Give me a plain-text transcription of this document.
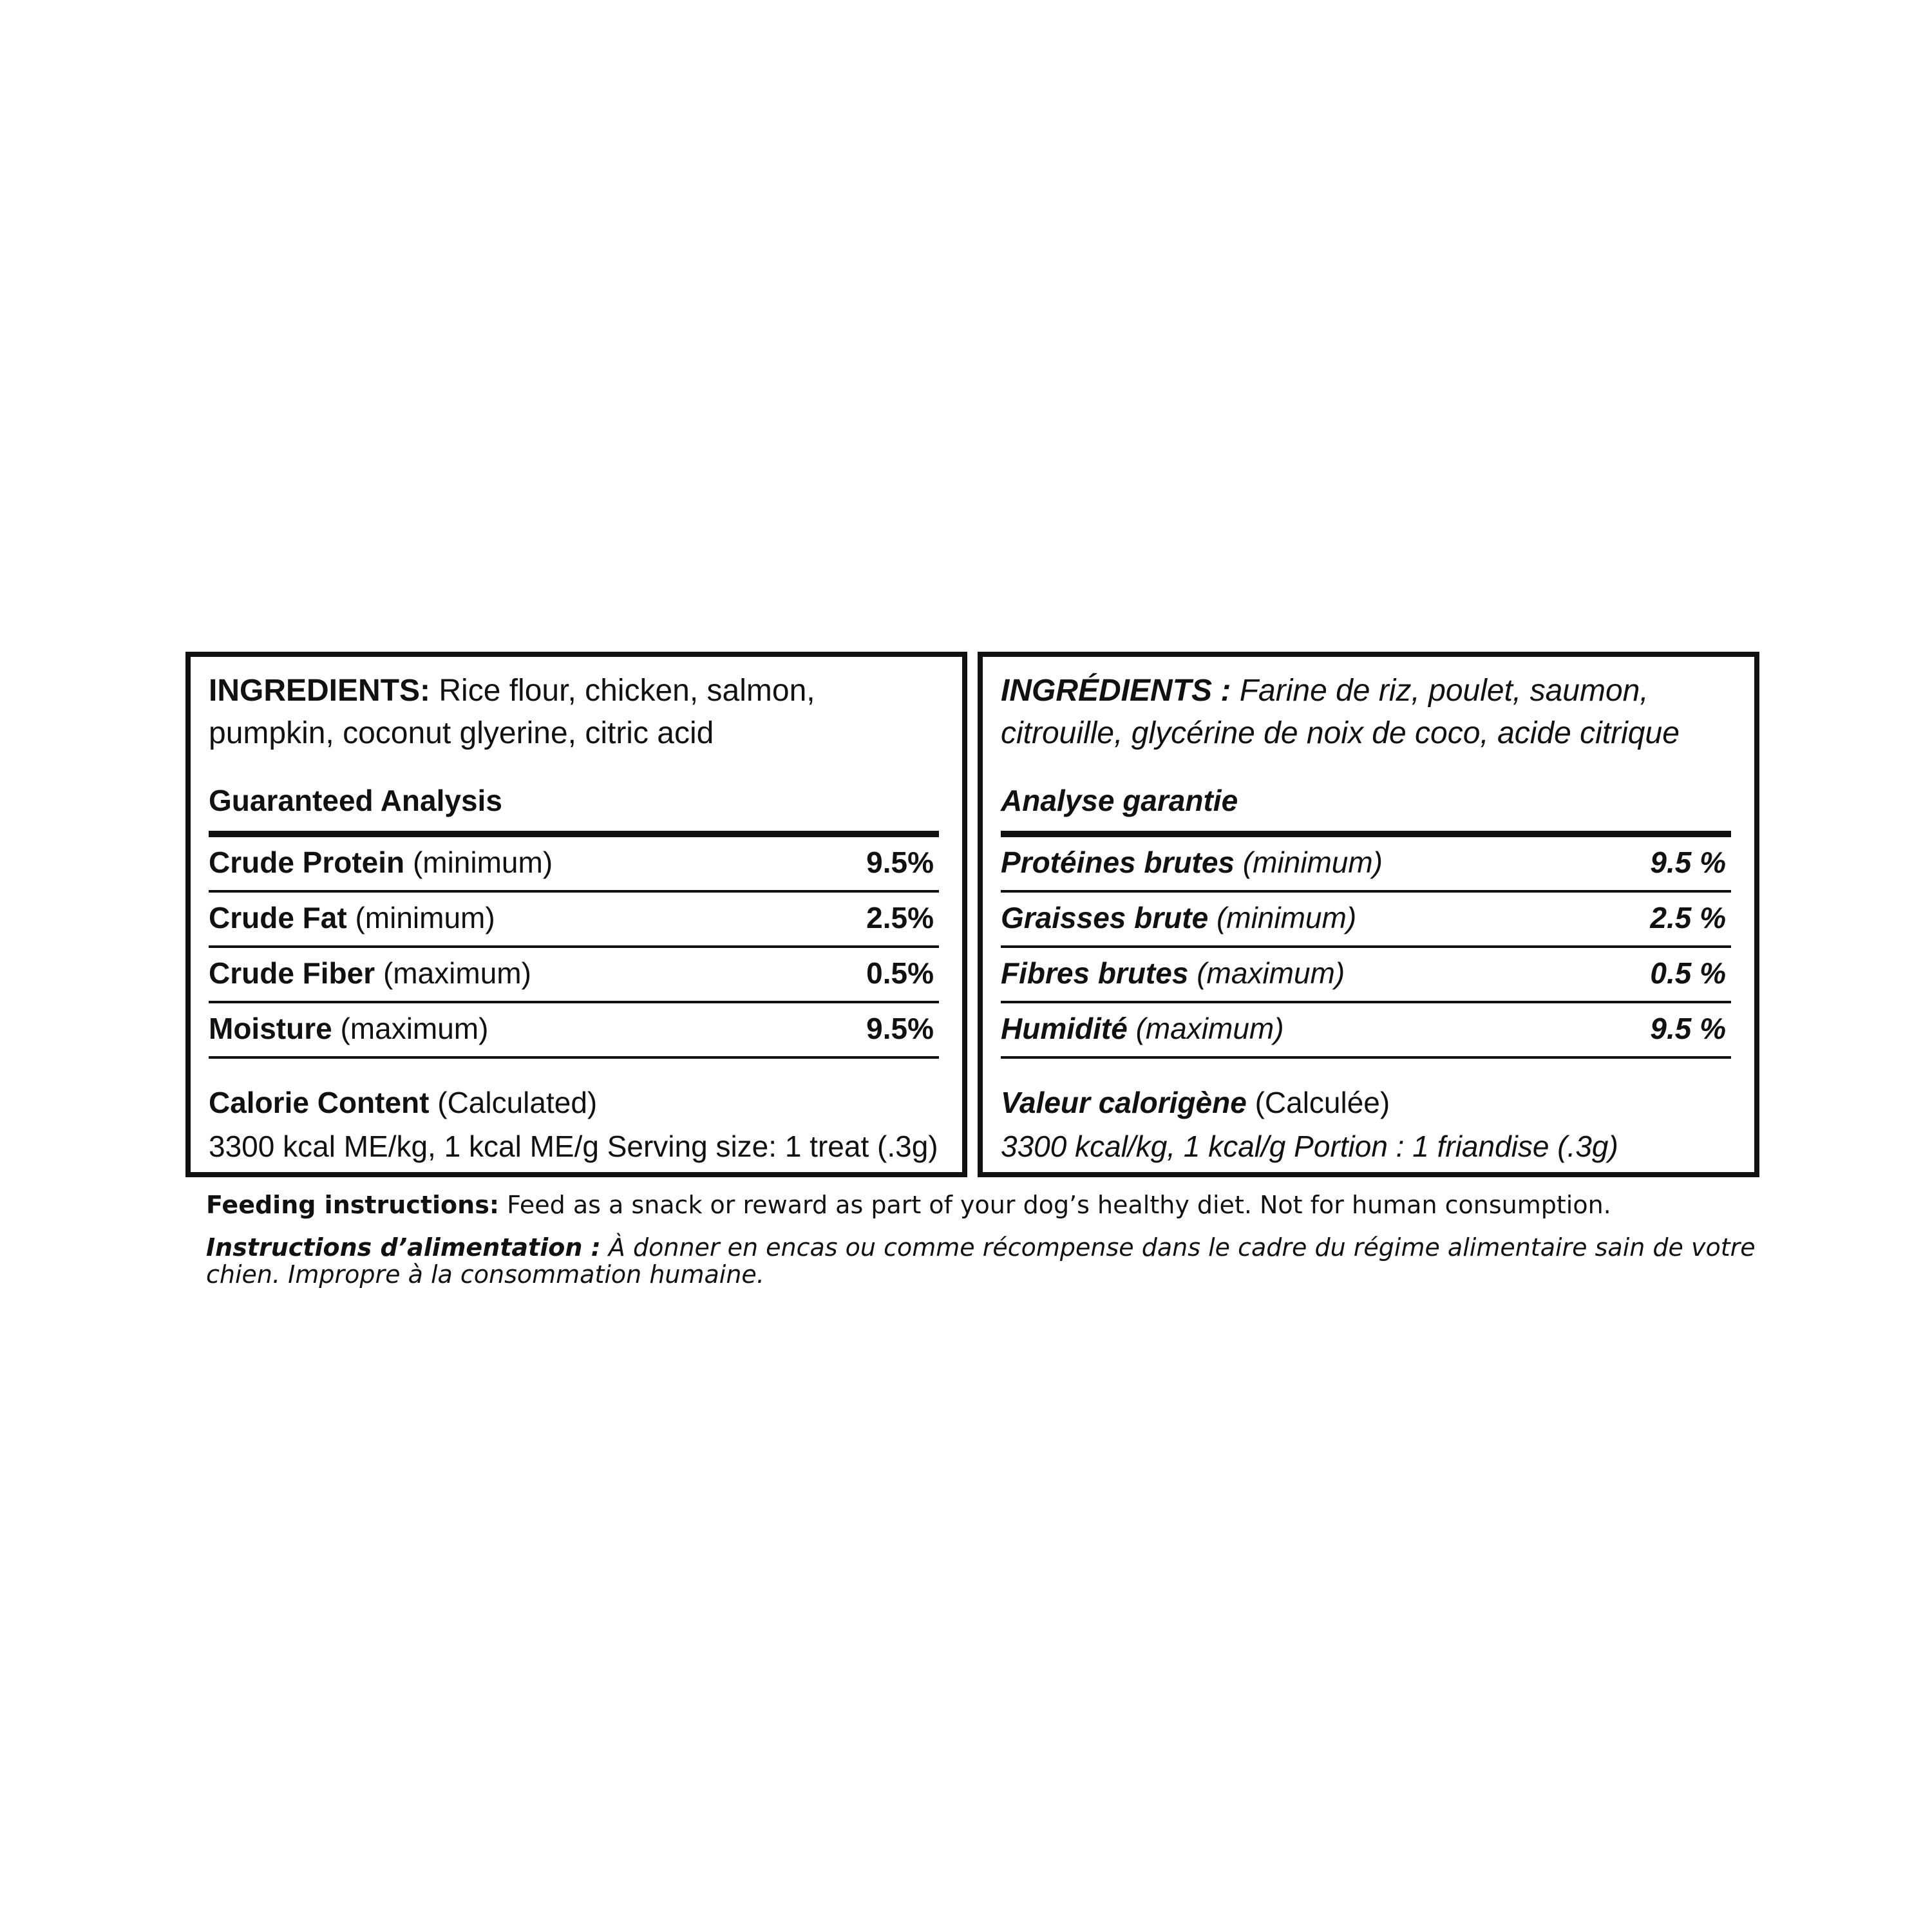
INGREDIENTS: Rice flour, chicken, salmon, pumpkin, coconut glyerine, citric acid

Guaranteed Analysis

Crude Protein (minimum)	9.5%
Crude Fat (minimum)	2.5%
Crude Fiber (maximum)	0.5%
Moisture (maximum)	9.5%
Calorie Content (Calculated)
3300 kcal ME/kg, 1 kcal ME/g Serving size: 1 treat (.3g)

INGRÉDIENTS : Farine de riz, poulet, saumon, citrouille, glycérine de noix de coco, acide citrique

Analyse garantie

Protéines brutes (minimum)	9.5 %
Graisses brute (minimum)	2.5 %
Fibres brutes (maximum)	0.5 %
Humidité (maximum)	9.5 %
Valeur calorigène (Calculée)
3300 kcal/kg, 1 kcal/g Portion : 1 friandise (.3g)
Feeding instructions: Feed as a snack or reward as part of your dog’s healthy diet. Not for human consumption.
Instructions d’alimentation : À donner en encas ou comme récompense dans le cadre du régime alimentaire sain de votre chien. Impropre à la consommation humaine.
